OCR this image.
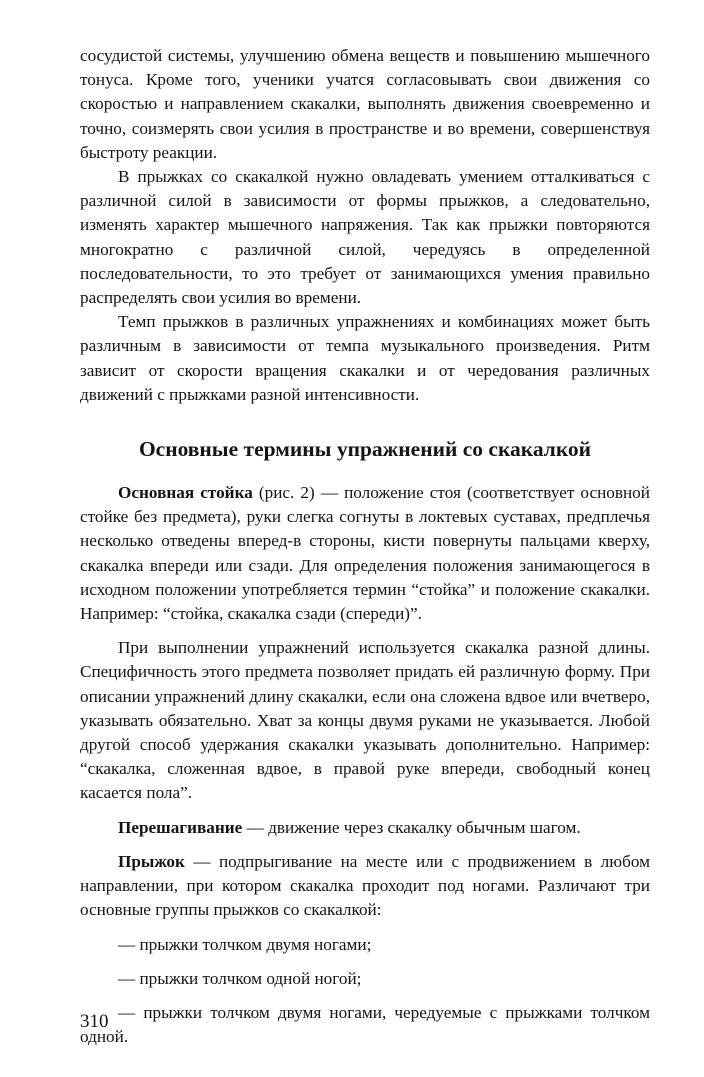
сосудистой системы, улучшению обмена веществ и повышению мышечного тонуса. Кроме того, ученики учатся согласовывать свои движения со скоростью и направлением скакалки, выполнять движения своевременно и точно, соизмерять свои усилия в пространстве и во времени, совершенствуя быстроту реакции.

В прыжках со скакалкой нужно овладевать умением отталкиваться с различной силой в зависимости от формы прыжков, а следовательно, изменять характер мышечного напряжения. Так как прыжки повторяются многократно с различной силой, чередуясь в определенной последовательности, то это требует от занимающихся умения правильно распределять свои усилия во времени.

Темп прыжков в различных упражнениях и комбинациях может быть различным в зависимости от темпа музыкального произведения. Ритм зависит от скорости вращения скакалки и от чередования различных движений с прыжками разной интенсивности.

Основные термины упражнений со скакалкой

Основная стойка (рис. 2) — положение стоя (соответствует основной стойке без предмета), руки слегка согнуты в локтевых суставах, предплечья несколько отведены вперед-в стороны, кисти повернуты пальцами кверху, скакалка впереди или сзади. Для определения положения занимающегося в исходном положении употребляется термин “стойка” и положение скакалки. Например: “стойка, скакалка сзади (спереди)”.

При выполнении упражнений используется скакалка разной длины. Специфичность этого предмета позволяет придать ей различную форму. При описании упражнений длину скакалки, если она сложена вдвое или вчетверо, указывать обязательно. Хват за концы двумя руками не указывается. Любой другой способ удержания скакалки указывать дополнительно. Например: “скакалка, сложенная вдвое, в правой руке впереди, свободный конец касается пола”.

Перешагивание — движение через скакалку обычным шагом.

Прыжок — подпрыгивание на месте или с продвижением в любом направлении, при котором скакалка проходит под ногами. Различают три основные группы прыжков со скакалкой:

— прыжки толчком двумя ногами;

— прыжки толчком одной ногой;

— прыжки толчком двумя ногами, чередуемые с прыжками толчком одной.

310
